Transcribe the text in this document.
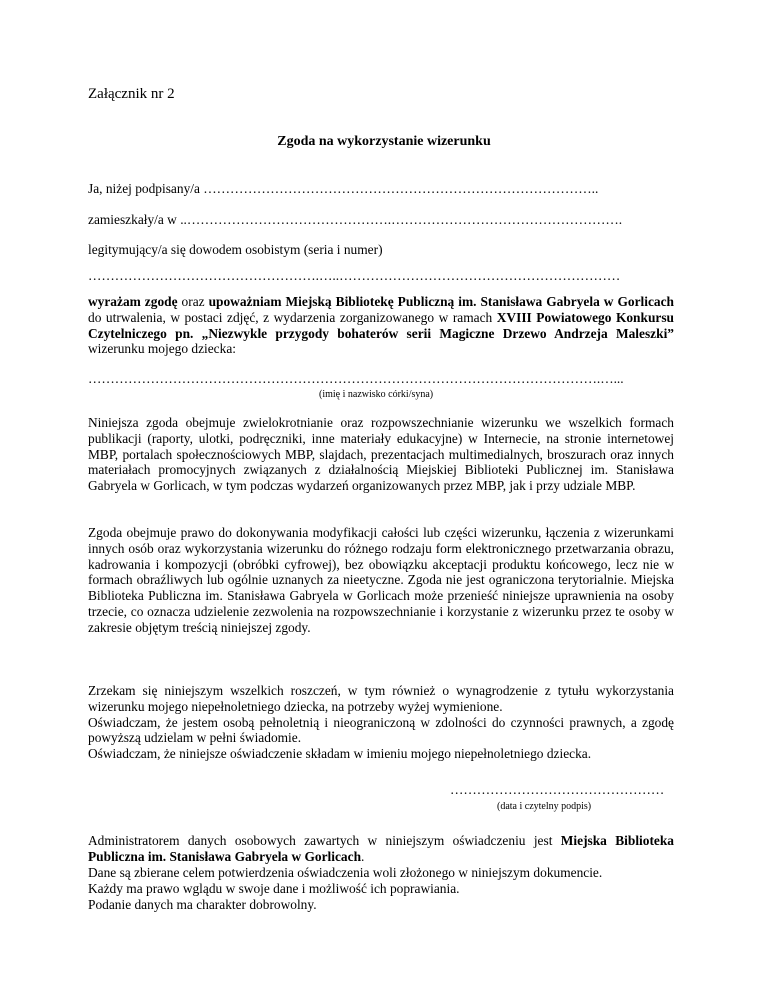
Załącznik nr 2
Zgoda na wykorzystanie wizerunku
Ja, niżej podpisany/a ……………………………………………………………………………..
zamieszkały/a w ..……………………………………….…………………………………………….
legitymujący/a się dowodem osobistym (seria i numer)
…………………………………………….…..………………………………………………………
wyrażam zgodę oraz upoważniam Miejską Bibliotekę Publiczną im. Stanisława Gabryela w Gorlicach do utrwalenia, w postaci zdjęć, z wydarzenia zorganizowanego w ramach XVIII Powiatowego Konkursu Czytelniczego pn. „Niezwykle przygody bohaterów serii Magiczne Drzewo Andrzeja Maleszki” wizerunku mojego dziecka:
…………………………………………………………………………………………………….…...
(imię i nazwisko córki/syna)
Niniejsza zgoda obejmuje zwielokrotnianie oraz rozpowszechnianie wizerunku we wszelkich formach publikacji (raporty, ulotki, podręczniki, inne materiały edukacyjne) w Internecie, na stronie internetowej MBP, portalach społecznościowych MBP, slajdach, prezentacjach multimedialnych, broszurach oraz innych materiałach promocyjnych związanych z działalnością Miejskiej Biblioteki Publicznej im. Stanisława Gabryela w Gorlicach, w tym podczas wydarzeń organizowanych przez MBP, jak i przy udziale MBP.
Zgoda obejmuje prawo do dokonywania modyfikacji całości lub części wizerunku, łączenia z wizerunkami innych osób oraz wykorzystania wizerunku do różnego rodzaju form elektronicznego przetwarzania obrazu, kadrowania i kompozycji (obróbki cyfrowej), bez obowiązku akceptacji produktu końcowego, lecz nie w formach obraźliwych lub ogólnie uznanych za nieetyczne. Zgoda nie jest ograniczona terytorialnie. Miejska Biblioteka Publiczna im. Stanisława Gabryela w Gorlicach może przenieść niniejsze uprawnienia na osoby trzecie, co oznacza udzielenie zezwolenia na rozpowszechnianie i korzystanie z wizerunku przez te osoby w zakresie objętym treścią niniejszej zgody.
Zrzekam się niniejszym wszelkich roszczeń, w tym również o wynagrodzenie z tytułu wykorzystania wizerunku mojego niepełnoletniego dziecka, na potrzeby wyżej wymienione.
Oświadczam, że jestem osobą pełnoletnią i nieograniczoną w zdolności do czynności prawnych, a zgodę powyższą udzielam w pełni świadomie.
Oświadczam, że niniejsze oświadczenie składam w imieniu mojego niepełnoletniego dziecka.
…………………………………………
(data i czytelny podpis)
Administratorem danych osobowych zawartych w niniejszym oświadczeniu jest Miejska Biblioteka Publiczna im. Stanisława Gabryela w Gorlicach.
Dane są zbierane celem potwierdzenia oświadczenia woli złożonego w niniejszym dokumencie.
Każdy ma prawo wglądu w swoje dane i możliwość ich poprawiania.
Podanie danych ma charakter dobrowolny.
